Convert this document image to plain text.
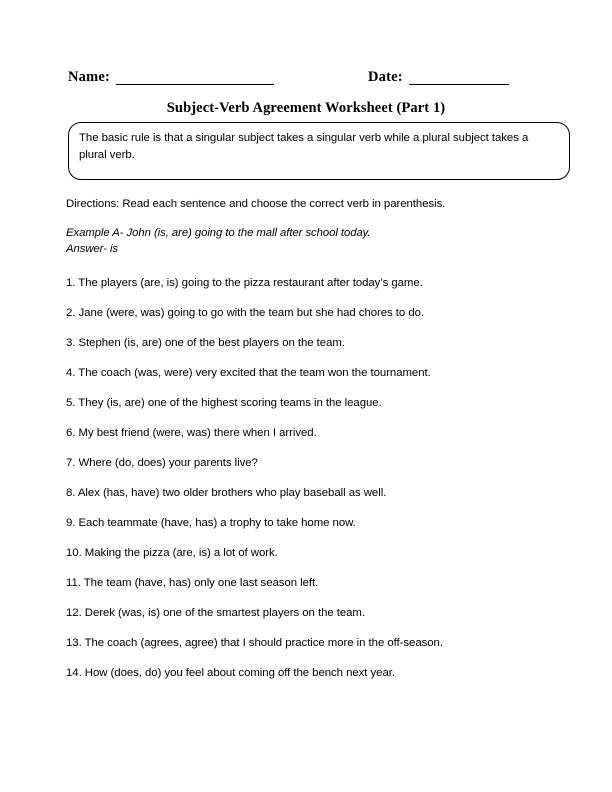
Name:	Date:
Subject-Verb Agreement Worksheet (Part 1)
The basic rule is that a singular subject takes a singular verb while a plural subject takes a plural verb.
Directions: Read each sentence and choose the correct verb in parenthesis.
Example A- John (is, are) going to the mall after school today.
Answer- is
1. The players (are, is) going to the pizza restaurant after today’s game.
2. Jane (were, was) going to go with the team but she had chores to do.
3. Stephen (is, are) one of the best players on the team.
4. The coach (was, were) very excited that the team won the tournament.
5. They (is, are) one of the highest scoring teams in the league.
6. My best friend (were, was) there when I arrived.
7. Where (do, does) your parents live?
8. Alex (has, have) two older brothers who play baseball as well.
9. Each teammate (have, has) a trophy to take home now.
10. Making the pizza (are, is) a lot of work.
11. The team (have, has) only one last season left.
12. Derek (was, is) one of the smartest players on the team.
13. The coach (agrees, agree) that I should practice more in the off-season.
14. How (does, do) you feel about coming off the bench next year.
